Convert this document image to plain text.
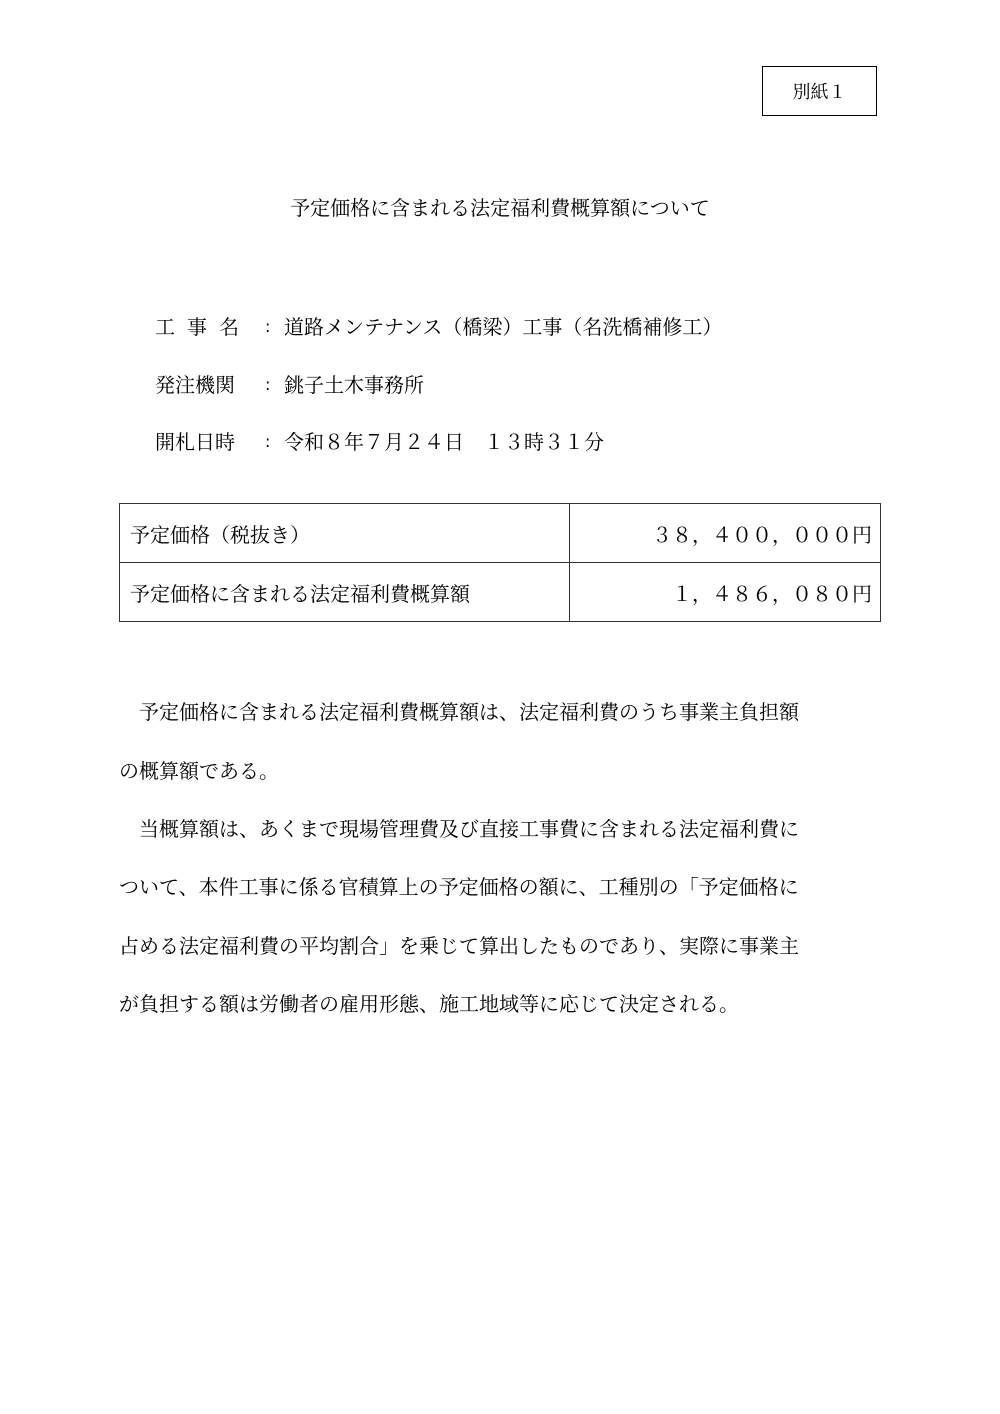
別紙１
予定価格に含まれる法定福利費概算額について
工事名 : 道路メンテナンス（橋梁）工事（名洗橋補修工）
発注機関	: 銚子土木事務所
開札日時	: 令和８年７月２４日　１３時３１分
予定価格（税抜き）	３８，４００，０００円
予定価格に含まれる法定福利費概算額	１，４８６，０８０円
　予定価格に含まれる法定福利費概算額は、法定福利費のうち事業主負担額
の概算額である。
　当概算額は、あくまで現場管理費及び直接工事費に含まれる法定福利費に
ついて、本件工事に係る官積算上の予定価格の額に、工種別の「予定価格に
占める法定福利費の平均割合」を乗じて算出したものであり、実際に事業主
が負担する額は労働者の雇用形態、施工地域等に応じて決定される。
